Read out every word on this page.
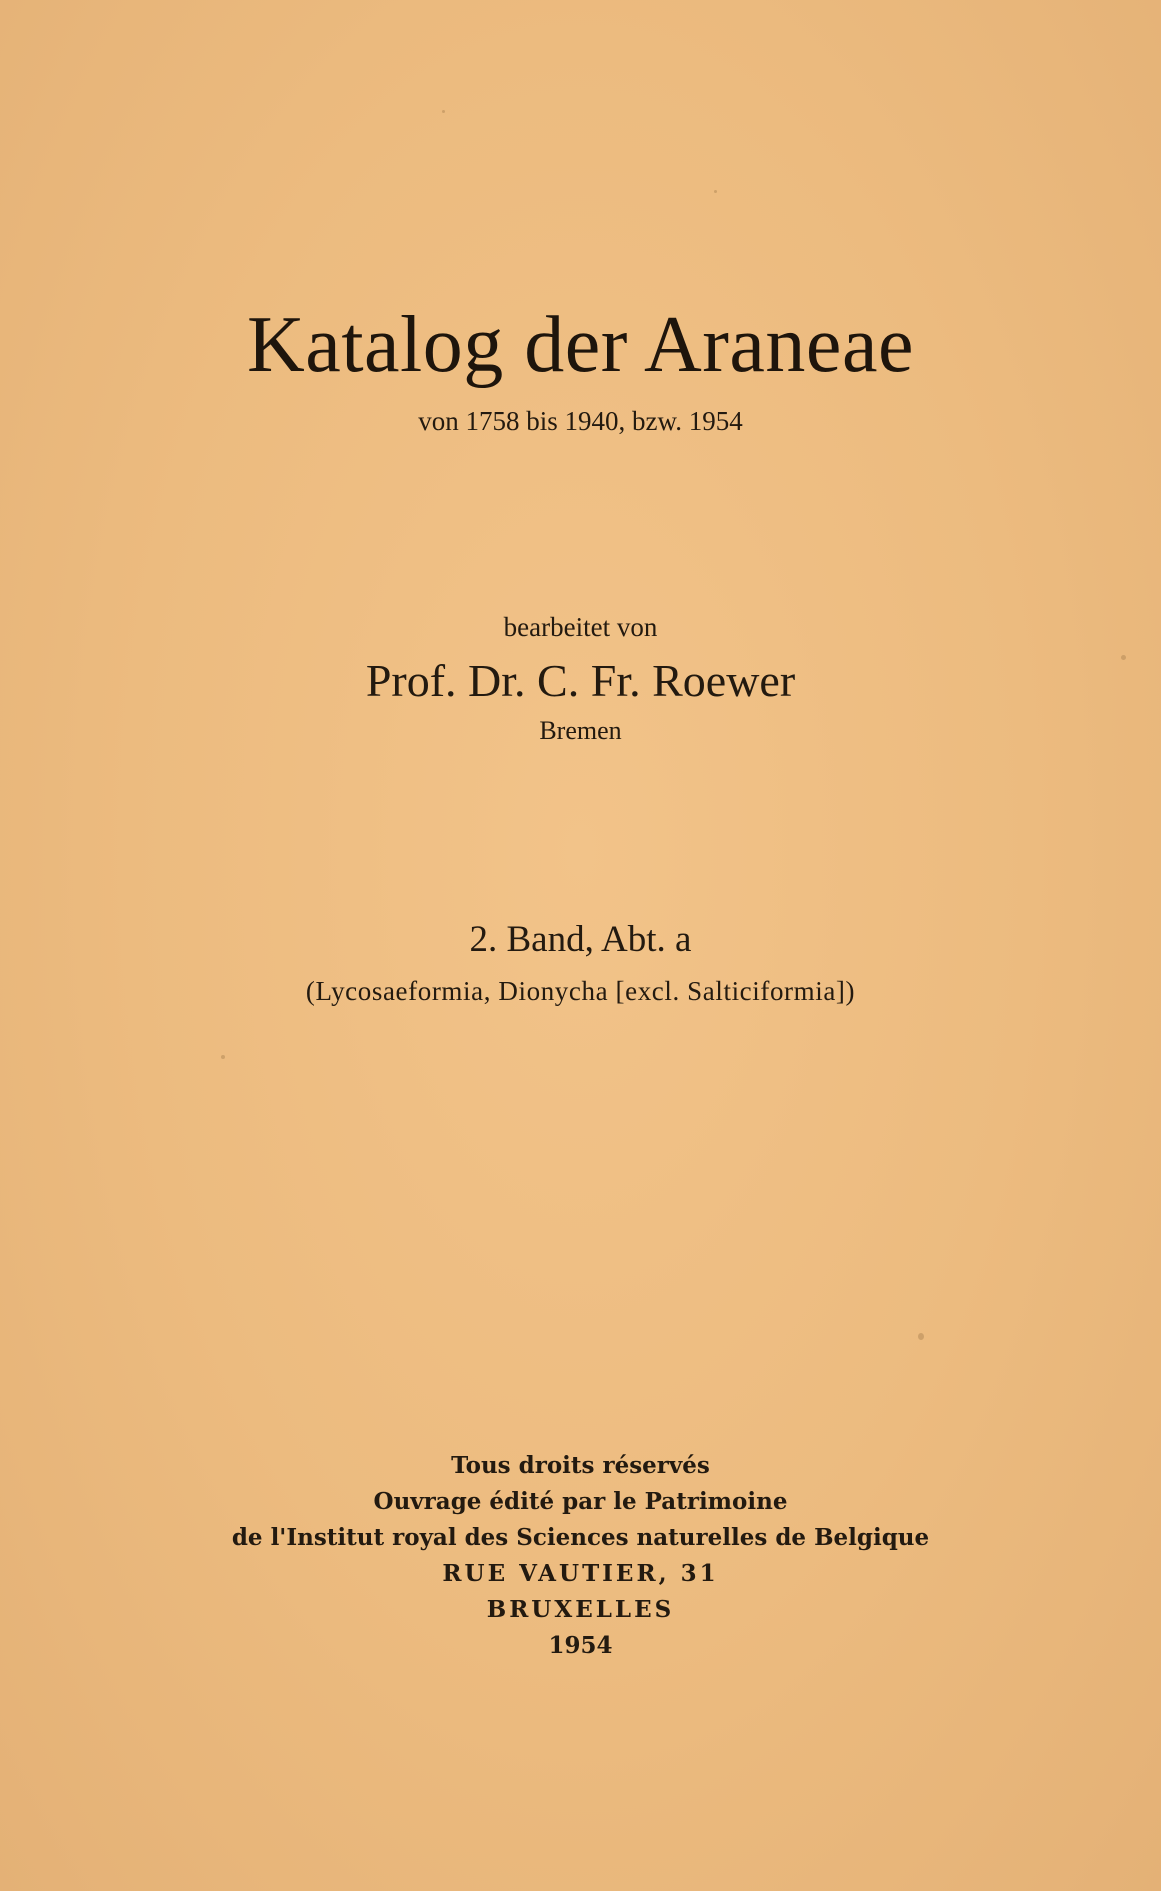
Katalog der Araneae
von 1758 bis 1940, bzw. 1954
bearbeitet von
Prof. Dr. C. Fr. Roewer
Bremen
2. Band, Abt. a
(Lycosaeformia, Dionycha [excl. Salticiformia])
Tous droits réservés
Ouvrage édité par le Patrimoine
de l'Institut royal des Sciences naturelles de Belgique
RUE VAUTIER, 31
BRUXELLES
1954
